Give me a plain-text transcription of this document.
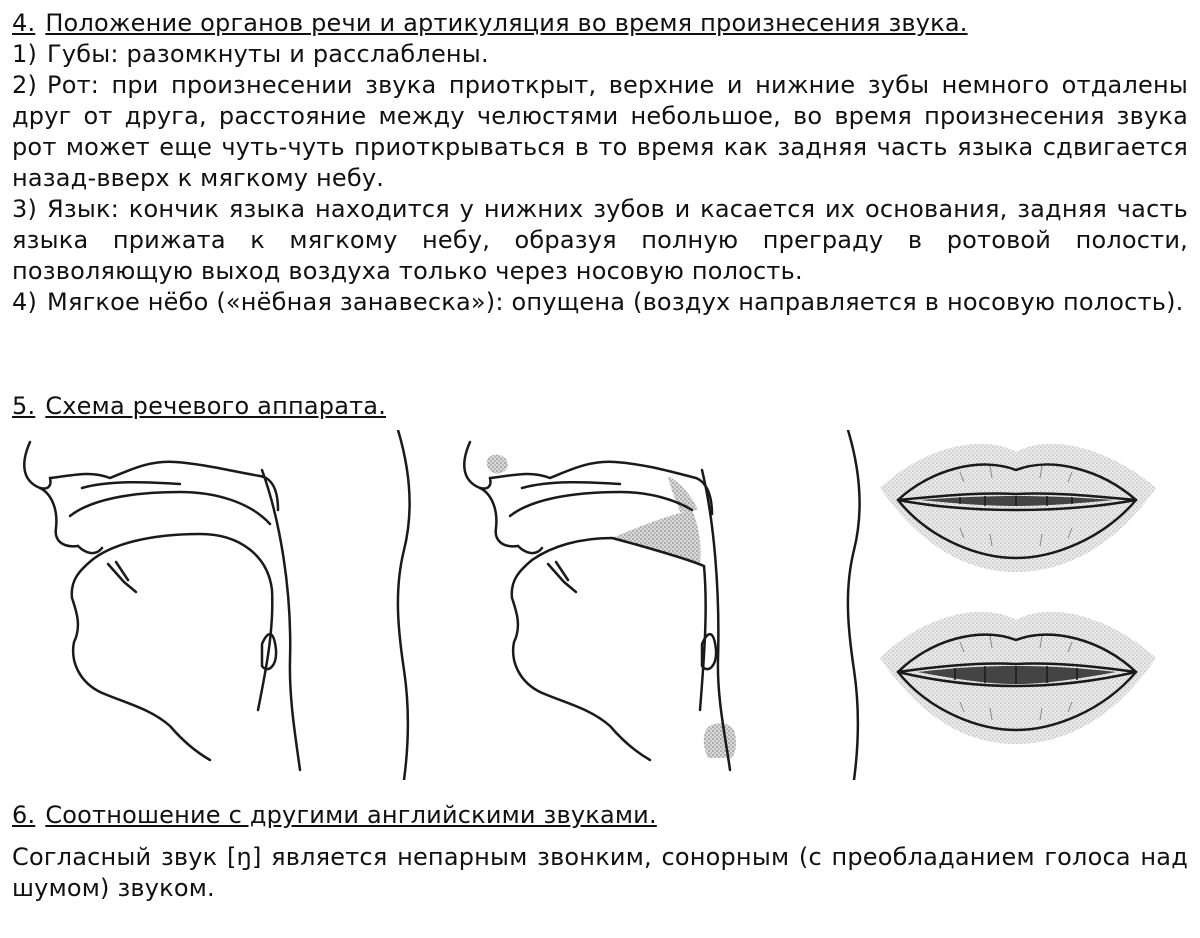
4. Положение органов речи и артикуляция во время произнесения звука.

1) Губы: разомкнуты и расслаблены.

2) Рот: при произнесении звука приоткрыт, верхние и нижние зубы немного отдалены друг от друга, расстояние между челюстями небольшое, во время произнесения звука рот может еще чуть-чуть приоткрываться в то время как задняя часть языка сдвигается назад-вверх к мягкому небу.

3) Язык: кончик языка находится у нижних зубов и касается их основания, задняя часть языка прижата к мягкому небу, образуя полную преграду в ротовой полости, позволяющую выход воздуха только через носовую полость.

4) Мягкое нёбо («нёбная занавеска»): опущена (воздух направляется в носовую полость).

5. Схема речевого аппарата.
6. Соотношение с другими английскими звуками.
Согласный звук [ŋ] является непарным звонким, сонорным (с преобладанием голоса над шумом) звуком.
